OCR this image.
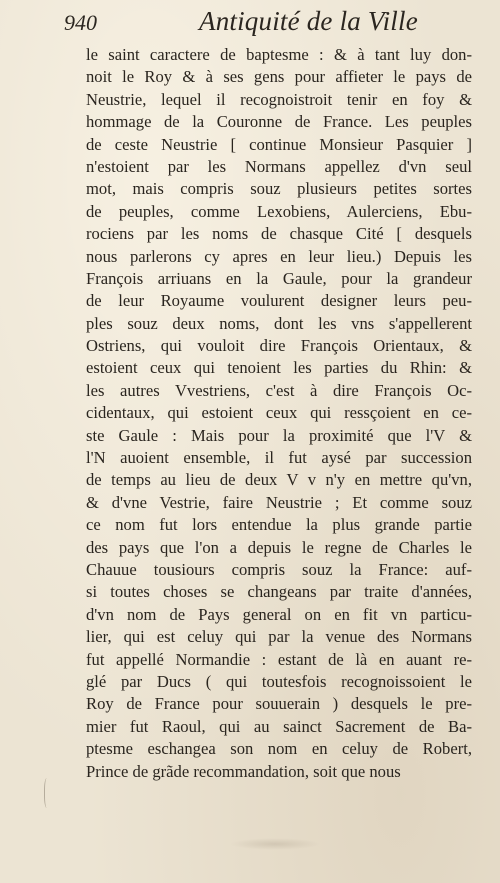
940	Antiquité de la Ville
le saint caractere de baptesme : & à tant luy don-
noit le Roy & à ses gens pour affieter le pays de
Neustrie, lequel il recognoistroit tenir en foy &
hommage de la Couronne de France. Les peuples
de ceste Neustrie [ continue Monsieur Pasquier ]
n'estoient par les Normans appellez d'vn seul
mot, mais compris souz plusieurs petites sortes
de peuples, comme Lexobiens, Aulerciens, Ebu-
rociens par les noms de chasque Cité [ desquels
nous parlerons cy apres en leur lieu.) Depuis les
François arriuans en la Gaule, pour la grandeur
de leur Royaume voulurent designer leurs peu-
ples souz deux noms, dont les vns s'appellerent
Ostriens, qui vouloit dire François Orientaux, &
estoient ceux qui tenoient les parties du Rhin: &
les autres Vvestriens, c'est à dire François Oc-
cidentaux, qui estoient ceux qui ressçoient en ce-
ste Gaule : Mais pour la proximité que l'V &
l'N auoient ensemble, il fut aysé par succession
de temps au lieu de deux V v n'y en mettre qu'vn,
& d'vne Vestrie, faire Neustrie ; Et comme souz
ce nom fut lors entendue la plus grande partie
des pays que l'on a depuis le regne de Charles le
Chauue tousiours compris souz la France: auf-
si toutes choses se changeans par traite d'années,
d'vn nom de Pays general on en fit vn particu-
lier, qui est celuy qui par la venue des Normans
fut appellé Normandie : estant de là en auant re-
glé par Ducs ( qui toutesfois recognoissoient le
Roy de France pour souuerain ) desquels le pre-
mier fut Raoul, qui au sainct Sacrement de Ba-
ptesme eschangea son nom en celuy de Robert,
Prince de grãde recommandation, soit que nous
